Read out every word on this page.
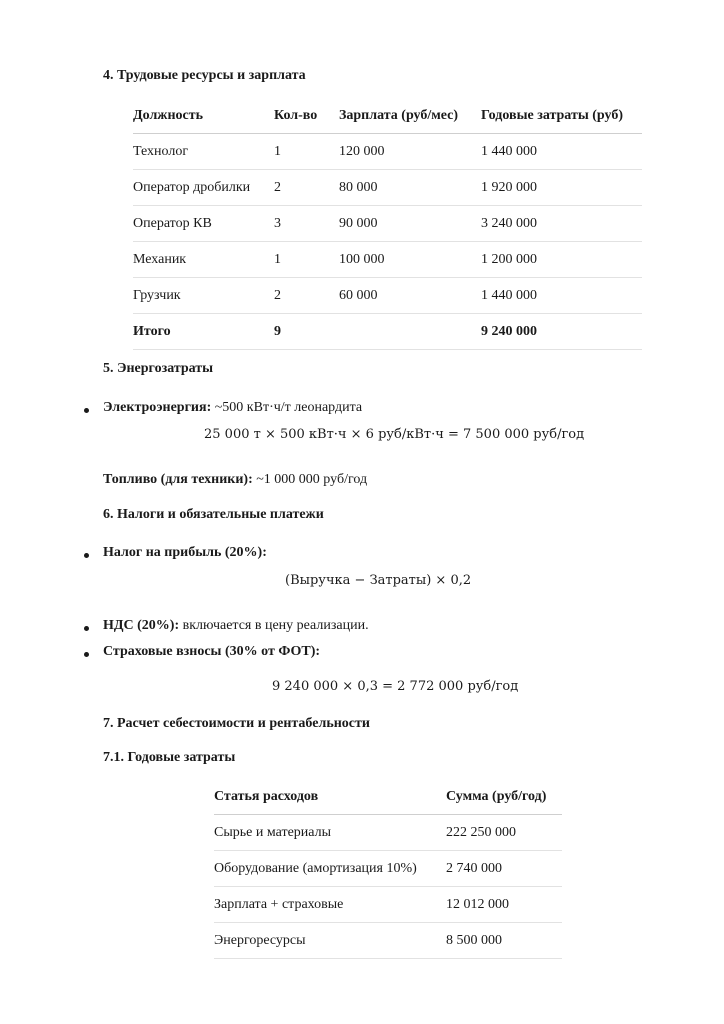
4. Трудовые ресурсы и зарплата
Должность	Кол-во	Зарплата (руб/мес)	Годовые затраты (руб)
Технолог	1	120 000	1 440 000
Оператор дробилки	2	80 000	1 920 000
Оператор КВ	3	90 000	3 240 000
Механик	1	100 000	1 200 000
Грузчик	2	60 000	1 440 000
Итого	9		9 240 000
5. Энергозатраты
Электроэнергия: ~500 кВт·ч/т леонардита
25 000 т × 500 кВт·ч × 6 руб/кВт·ч = 7 500 000 руб/год
Топливо (для техники): ~1 000 000 руб/год
6. Налоги и обязательные платежи
Налог на прибыль (20%):
(Выручка − Затраты) × 0,2
НДС (20%): включается в цену реализации.
Страховые взносы (30% от ФОТ):
9 240 000 × 0,3 = 2 772 000 руб/год
7. Расчет себестоимости и рентабельности
7.1. Годовые затраты
Статья расходов	Сумма (руб/год)
Сырье и материалы	222 250 000
Оборудование (амортизация 10%)	2 740 000
Зарплата + страховые	12 012 000
Энергоресурсы	8 500 000
